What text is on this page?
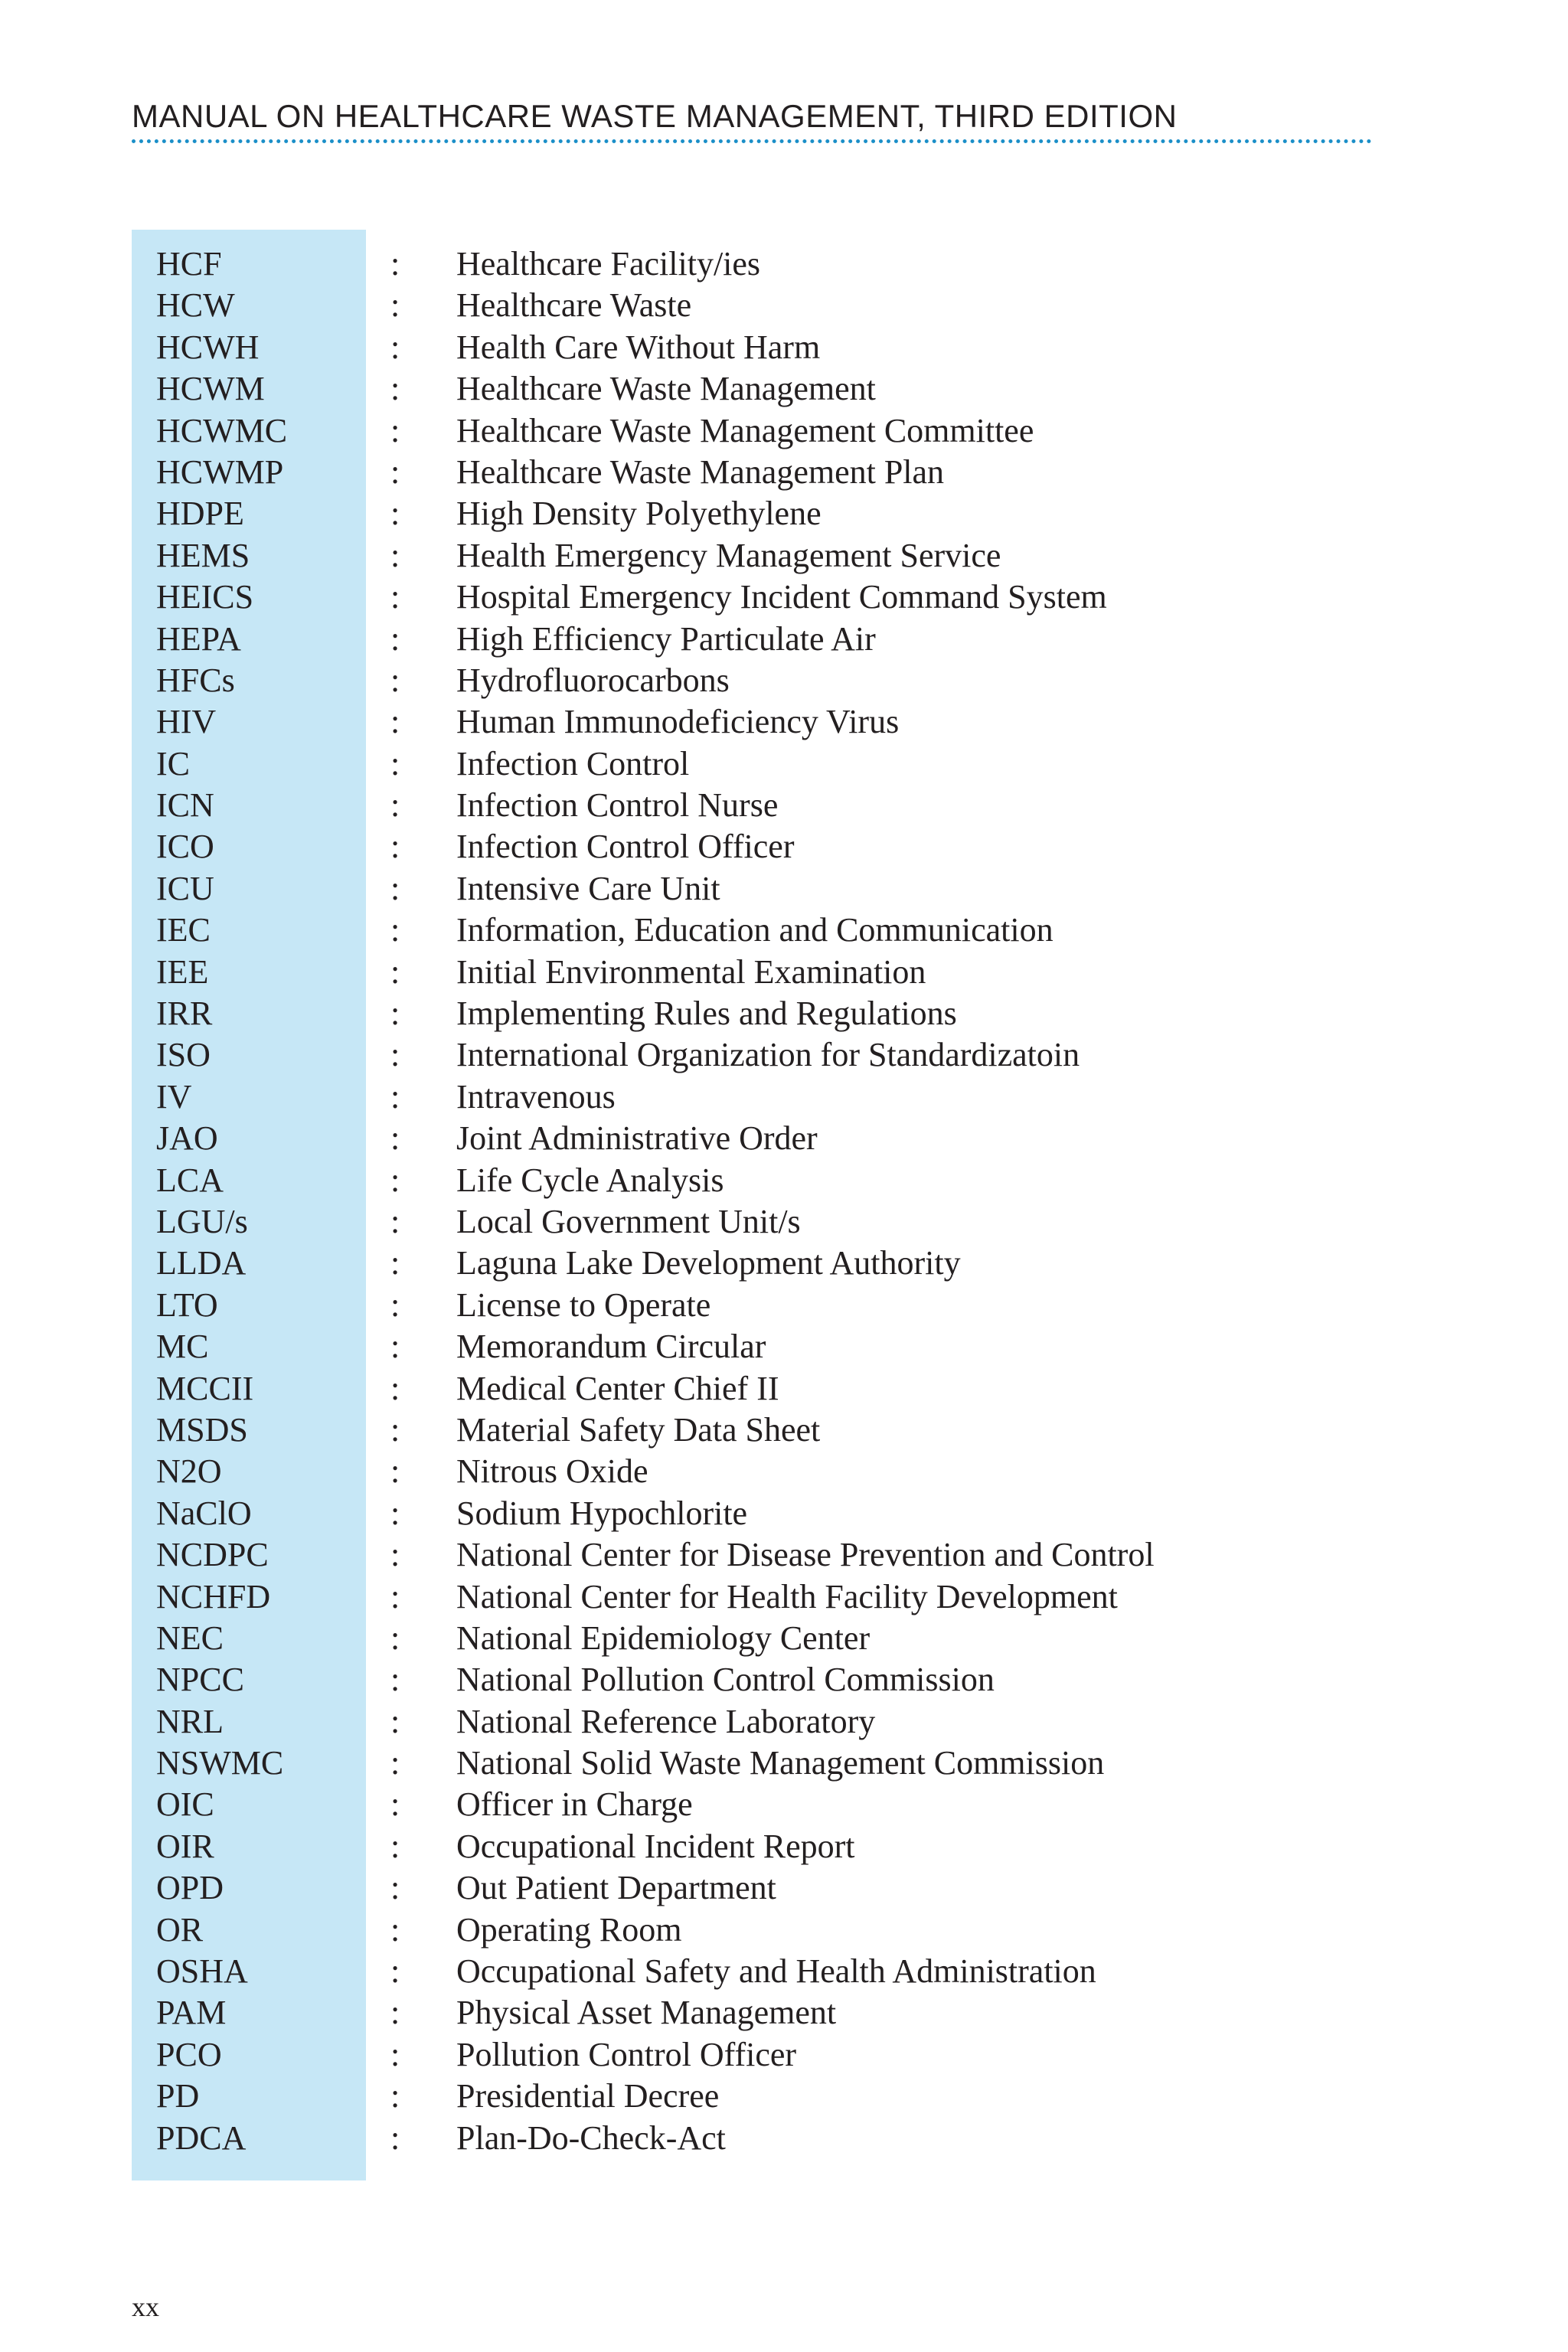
MANUAL ON HEALTHCARE WASTE MANAGEMENT, THIRD EDITION
HCF	: Healthcare Facility/ies
HCW	: Healthcare Waste
HCWH	: Health Care Without Harm
HCWM	: Healthcare Waste Management
HCWMC	: Healthcare Waste Management Committee
HCWMP	: Healthcare Waste Management Plan
HDPE	: High Density Polyethylene
HEMS	: Health Emergency Management Service
HEICS	: Hospital Emergency Incident Command System
HEPA	: High Efficiency Particulate Air
HFCs	: Hydrofluorocarbons
HIV	: Human Immunodeficiency Virus
IC	: Infection Control
ICN	: Infection Control Nurse
ICO	: Infection Control Officer
ICU	: Intensive Care Unit
IEC	: Information, Education and Communication
IEE	: Initial Environmental Examination
IRR	: Implementing Rules and Regulations
ISO	: International Organization for Standardizatoin
IV	: Intravenous
JAO	: Joint Administrative Order
LCA	: Life Cycle Analysis
LGU/s	: Local Government Unit/s
LLDA	: Laguna Lake Development Authority
LTO	: License to Operate
MC	: Memorandum Circular
MCCII	: Medical Center Chief II
MSDS	: Material Safety Data Sheet
N2O	: Nitrous Oxide
NaClO	: Sodium Hypochlorite
NCDPC	: National Center for Disease Prevention and Control
NCHFD	: National Center for Health Facility Development
NEC	: National Epidemiology Center
NPCC	: National Pollution Control Commission
NRL	: National Reference Laboratory
NSWMC	: National Solid Waste Management Commission
OIC	: Officer in Charge
OIR	: Occupational Incident Report
OPD	: Out Patient Department
OR	: Operating Room
OSHA	: Occupational Safety and Health Administration
PAM	: Physical Asset Management
PCO	: Pollution Control Officer
PD	: Presidential Decree
PDCA	: Plan-Do-Check-Act
xx
